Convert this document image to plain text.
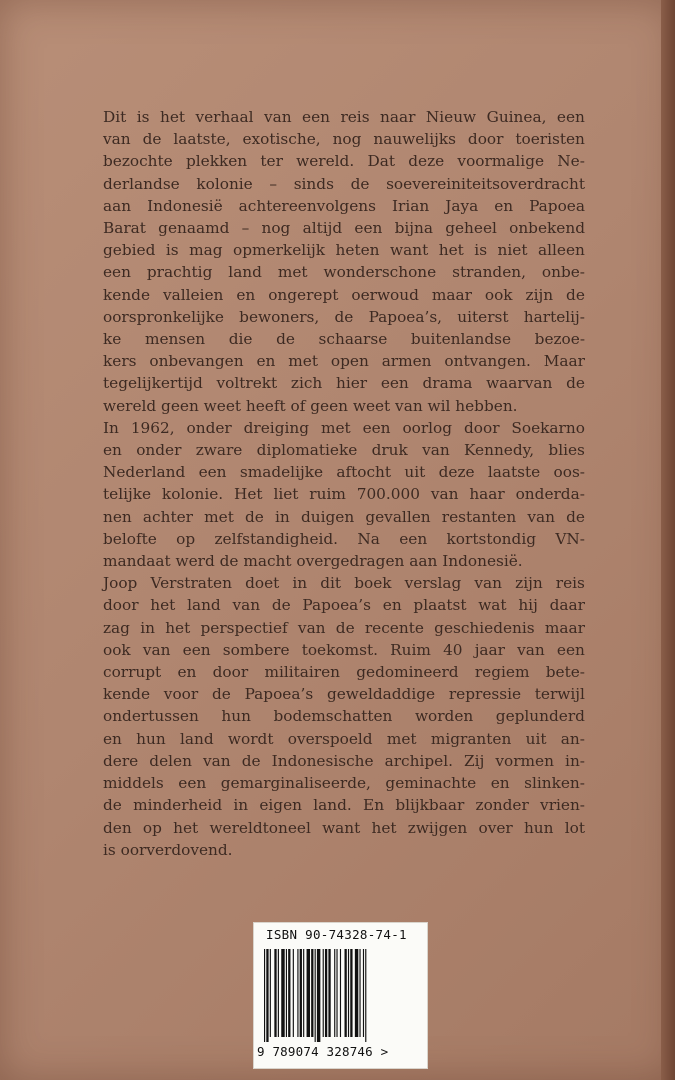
Dit is het verhaal van een reis naar Nieuw Guinea, een
van de laatste, exotische, nog nauwelijks door toeristen
bezochte plekken ter wereld. Dat deze voormalige Ne-
derlandse kolonie – sinds de soevereiniteitsoverdracht
aan Indonesië achtereenvolgens Irian Jaya en Papoea
Barat genaamd – nog altijd een bijna geheel onbekend
gebied is mag opmerkelijk heten want het is niet alleen
een prachtig land met wonderschone stranden, onbe-
kende valleien en ongerept oerwoud maar ook zijn de
oorspronkelijke bewoners, de Papoea’s, uiterst hartelij-
ke mensen die de schaarse buitenlandse bezoe-
kers onbevangen en met open armen ontvangen. Maar
tegelijkertijd voltrekt zich hier een drama waarvan de
wereld geen weet heeft of geen weet van wil hebben.
In 1962, onder dreiging met een oorlog door Soekarno
en onder zware diplomatieke druk van Kennedy, blies
Nederland een smadelijke aftocht uit deze laatste oos-
telijke kolonie. Het liet ruim 700.000 van haar onderda-
nen achter met de in duigen gevallen restanten van de
belofte op zelfstandigheid. Na een kortstondig VN-
mandaat werd de macht overgedragen aan Indonesië.
Joop Verstraten doet in dit boek verslag van zijn reis
door het land van de Papoea’s en plaatst wat hij daar
zag in het perspectief van de recente geschiedenis maar
ook van een sombere toekomst. Ruim 40 jaar van een
corrupt en door militairen gedomineerd regiem bete-
kende voor de Papoea’s geweldaddige repressie terwijl
ondertussen hun bodemschatten worden geplunderd
en hun land wordt overspoeld met migranten uit an-
dere delen van de Indonesische archipel. Zij vormen in-
middels een gemarginaliseerde, geminachte en slinken-
de minderheid in eigen land. En blijkbaar zonder vrien-
den op het wereldtoneel want het zwijgen over hun lot
is oorverdovend.
ISBN 90-74328-74-1
9 789074 328746 >
